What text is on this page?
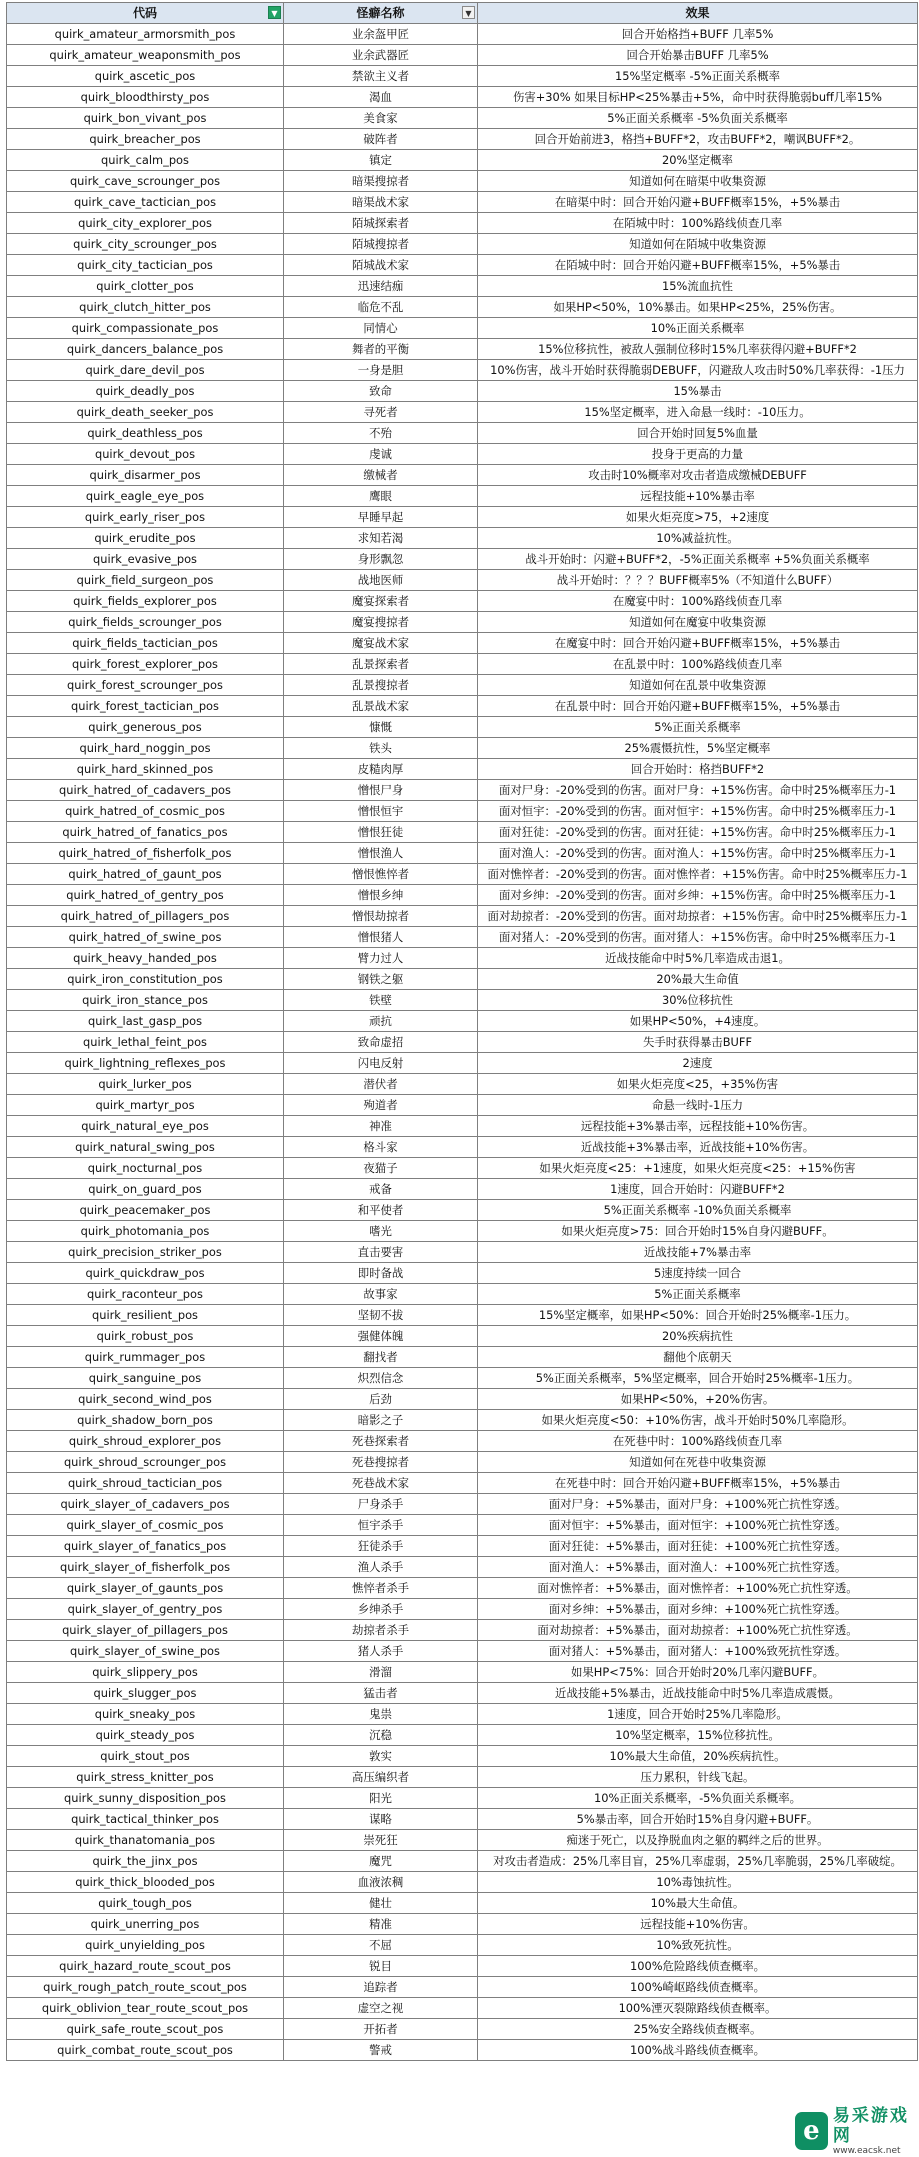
代码 ▼	怪癖名称 ▼	效果
quirk_amateur_armorsmith_pos	业余盔甲匠	回合开始格挡+BUFF 几率5%
quirk_amateur_weaponsmith_pos	业余武器匠	回合开始暴击BUFF 几率5%
quirk_ascetic_pos	禁欲主义者	15%坚定概率 -5%正面关系概率
quirk_bloodthirsty_pos	渴血	伤害+30% 如果目标HP<25%暴击+5%，命中时获得脆弱buff几率15%
quirk_bon_vivant_pos	美食家	5%正面关系概率 -5%负面关系概率
quirk_breacher_pos	破阵者	回合开始前进3，格挡+BUFF*2，攻击BUFF*2，嘲讽BUFF*2。
quirk_calm_pos	镇定	20%坚定概率
quirk_cave_scrounger_pos	暗渠搜掠者	知道如何在暗渠中收集资源
quirk_cave_tactician_pos	暗渠战术家	在暗渠中时：回合开始闪避+BUFF概率15%，+5%暴击
quirk_city_explorer_pos	陌城探索者	在陌城中时：100%路线侦查几率
quirk_city_scrounger_pos	陌城搜掠者	知道如何在陌城中收集资源
quirk_city_tactician_pos	陌城战术家	在陌城中时：回合开始闪避+BUFF概率15%，+5%暴击
quirk_clotter_pos	迅速结痂	15%流血抗性
quirk_clutch_hitter_pos	临危不乱	如果HP<50%，10%暴击。如果HP<25%，25%伤害。
quirk_compassionate_pos	同情心	10%正面关系概率
quirk_dancers_balance_pos	舞者的平衡	15%位移抗性，被敌人强制位移时15%几率获得闪避+BUFF*2
quirk_dare_devil_pos	一身是胆	10%伤害，战斗开始时获得脆弱DEBUFF，闪避敌人攻击时50%几率获得：-1压力
quirk_deadly_pos	致命	15%暴击
quirk_death_seeker_pos	寻死者	15%坚定概率，进入命悬一线时：-10压力。
quirk_deathless_pos	不殆	回合开始时回复5%血量
quirk_devout_pos	虔诚	投身于更高的力量
quirk_disarmer_pos	缴械者	攻击时10%概率对攻击者造成缴械DEBUFF
quirk_eagle_eye_pos	鹰眼	远程技能+10%暴击率
quirk_early_riser_pos	早睡早起	如果火炬亮度>75，+2速度
quirk_erudite_pos	求知若渴	10%减益抗性。
quirk_evasive_pos	身形飘忽	战斗开始时：闪避+BUFF*2，-5%正面关系概率 +5%负面关系概率
quirk_field_surgeon_pos	战地医师	战斗开始时：？？？BUFF概率5%（不知道什么BUFF）
quirk_fields_explorer_pos	魔宴探索者	在魔宴中时：100%路线侦查几率
quirk_fields_scrounger_pos	魔宴搜掠者	知道如何在魔宴中收集资源
quirk_fields_tactician_pos	魔宴战术家	在魔宴中时：回合开始闪避+BUFF概率15%，+5%暴击
quirk_forest_explorer_pos	乱景探索者	在乱景中时：100%路线侦查几率
quirk_forest_scrounger_pos	乱景搜掠者	知道如何在乱景中收集资源
quirk_forest_tactician_pos	乱景战术家	在乱景中时：回合开始闪避+BUFF概率15%，+5%暴击
quirk_generous_pos	慷慨	5%正面关系概率
quirk_hard_noggin_pos	铁头	25%震慑抗性，5%坚定概率
quirk_hard_skinned_pos	皮糙肉厚	回合开始时：格挡BUFF*2
quirk_hatred_of_cadavers_pos	憎恨尸身	面对尸身：-20%受到的伤害。面对尸身：+15%伤害。命中时25%概率压力-1
quirk_hatred_of_cosmic_pos	憎恨恒宇	面对恒宇：-20%受到的伤害。面对恒宇：+15%伤害。命中时25%概率压力-1
quirk_hatred_of_fanatics_pos	憎恨狂徒	面对狂徒：-20%受到的伤害。面对狂徒：+15%伤害。命中时25%概率压力-1
quirk_hatred_of_fisherfolk_pos	憎恨渔人	面对渔人：-20%受到的伤害。面对渔人：+15%伤害。命中时25%概率压力-1
quirk_hatred_of_gaunt_pos	憎恨憔悴者	面对憔悴者：-20%受到的伤害。面对憔悴者：+15%伤害。命中时25%概率压力-1
quirk_hatred_of_gentry_pos	憎恨乡绅	面对乡绅：-20%受到的伤害。面对乡绅：+15%伤害。命中时25%概率压力-1
quirk_hatred_of_pillagers_pos	憎恨劫掠者	面对劫掠者：-20%受到的伤害。面对劫掠者：+15%伤害。命中时25%概率压力-1
quirk_hatred_of_swine_pos	憎恨猪人	面对猪人：-20%受到的伤害。面对猪人：+15%伤害。命中时25%概率压力-1
quirk_heavy_handed_pos	臂力过人	近战技能命中时5%几率造成击退1。
quirk_iron_constitution_pos	钢铁之躯	20%最大生命值
quirk_iron_stance_pos	铁壁	30%位移抗性
quirk_last_gasp_pos	顽抗	如果HP<50%，+4速度。
quirk_lethal_feint_pos	致命虚招	失手时获得暴击BUFF
quirk_lightning_reflexes_pos	闪电反射	2速度
quirk_lurker_pos	潜伏者	如果火炬亮度<25，+35%伤害
quirk_martyr_pos	殉道者	命悬一线时-1压力
quirk_natural_eye_pos	神准	远程技能+3%暴击率，远程技能+10%伤害。
quirk_natural_swing_pos	格斗家	近战技能+3%暴击率，近战技能+10%伤害。
quirk_nocturnal_pos	夜猫子	如果火炬亮度<25：+1速度，如果火炬亮度<25：+15%伤害
quirk_on_guard_pos	戒备	1速度，回合开始时：闪避BUFF*2
quirk_peacemaker_pos	和平使者	5%正面关系概率 -10%负面关系概率
quirk_photomania_pos	嗜光	如果火炬亮度>75：回合开始时15%自身闪避BUFF。
quirk_precision_striker_pos	直击要害	近战技能+7%暴击率
quirk_quickdraw_pos	即时备战	5速度持续一回合
quirk_raconteur_pos	故事家	5%正面关系概率
quirk_resilient_pos	坚韧不拔	15%坚定概率，如果HP<50%：回合开始时25%概率-1压力。
quirk_robust_pos	强健体魄	20%疾病抗性
quirk_rummager_pos	翻找者	翻他个底朝天
quirk_sanguine_pos	炽烈信念	5%正面关系概率，5%坚定概率，回合开始时25%概率-1压力。
quirk_second_wind_pos	后劲	如果HP<50%，+20%伤害。
quirk_shadow_born_pos	暗影之子	如果火炬亮度<50：+10%伤害，战斗开始时50%几率隐形。
quirk_shroud_explorer_pos	死巷探索者	在死巷中时：100%路线侦查几率
quirk_shroud_scrounger_pos	死巷搜掠者	知道如何在死巷中收集资源
quirk_shroud_tactician_pos	死巷战术家	在死巷中时：回合开始闪避+BUFF概率15%，+5%暴击
quirk_slayer_of_cadavers_pos	尸身杀手	面对尸身：+5%暴击，面对尸身：+100%死亡抗性穿透。
quirk_slayer_of_cosmic_pos	恒宇杀手	面对恒宇：+5%暴击，面对恒宇：+100%死亡抗性穿透。
quirk_slayer_of_fanatics_pos	狂徒杀手	面对狂徒：+5%暴击，面对狂徒：+100%死亡抗性穿透。
quirk_slayer_of_fisherfolk_pos	渔人杀手	面对渔人：+5%暴击，面对渔人：+100%死亡抗性穿透。
quirk_slayer_of_gaunts_pos	憔悴者杀手	面对憔悴者：+5%暴击，面对憔悴者：+100%死亡抗性穿透。
quirk_slayer_of_gentry_pos	乡绅杀手	面对乡绅：+5%暴击，面对乡绅：+100%死亡抗性穿透。
quirk_slayer_of_pillagers_pos	劫掠者杀手	面对劫掠者：+5%暴击，面对劫掠者：+100%死亡抗性穿透。
quirk_slayer_of_swine_pos	猪人杀手	面对猪人：+5%暴击，面对猪人：+100%致死抗性穿透。
quirk_slippery_pos	滑溜	如果HP<75%：回合开始时20%几率闪避BUFF。
quirk_slugger_pos	猛击者	近战技能+5%暴击，近战技能命中时5%几率造成震慑。
quirk_sneaky_pos	鬼祟	1速度，回合开始时25%几率隐形。
quirk_steady_pos	沉稳	10%坚定概率，15%位移抗性。
quirk_stout_pos	敦实	10%最大生命值，20%疾病抗性。
quirk_stress_knitter_pos	高压编织者	压力累积，针线飞起。
quirk_sunny_disposition_pos	阳光	10%正面关系概率，-5%负面关系概率。
quirk_tactical_thinker_pos	谋略	5%暴击率，回合开始时15%自身闪避+BUFF。
quirk_thanatomania_pos	崇死狂	痴迷于死亡，以及挣脱血肉之躯的羁绊之后的世界。
quirk_the_jinx_pos	魔咒	对攻击者造成：25%几率目盲，25%几率虚弱，25%几率脆弱，25%几率破绽。
quirk_thick_blooded_pos	血液浓稠	10%毒蚀抗性。
quirk_tough_pos	健壮	10%最大生命值。
quirk_unerring_pos	精准	远程技能+10%伤害。
quirk_unyielding_pos	不屈	10%致死抗性。
quirk_hazard_route_scout_pos	锐目	100%危险路线侦查概率。
quirk_rough_patch_route_scout_pos	追踪者	100%崎岖路线侦查概率。
quirk_oblivion_tear_route_scout_pos	虚空之视	100%湮灭裂隙路线侦查概率。
quirk_safe_route_scout_pos	开拓者	25%安全路线侦查概率。
quirk_combat_route_scout_pos	警戒	100%战斗路线侦查概率。
e
易采游戏网
www.eacsk.net
